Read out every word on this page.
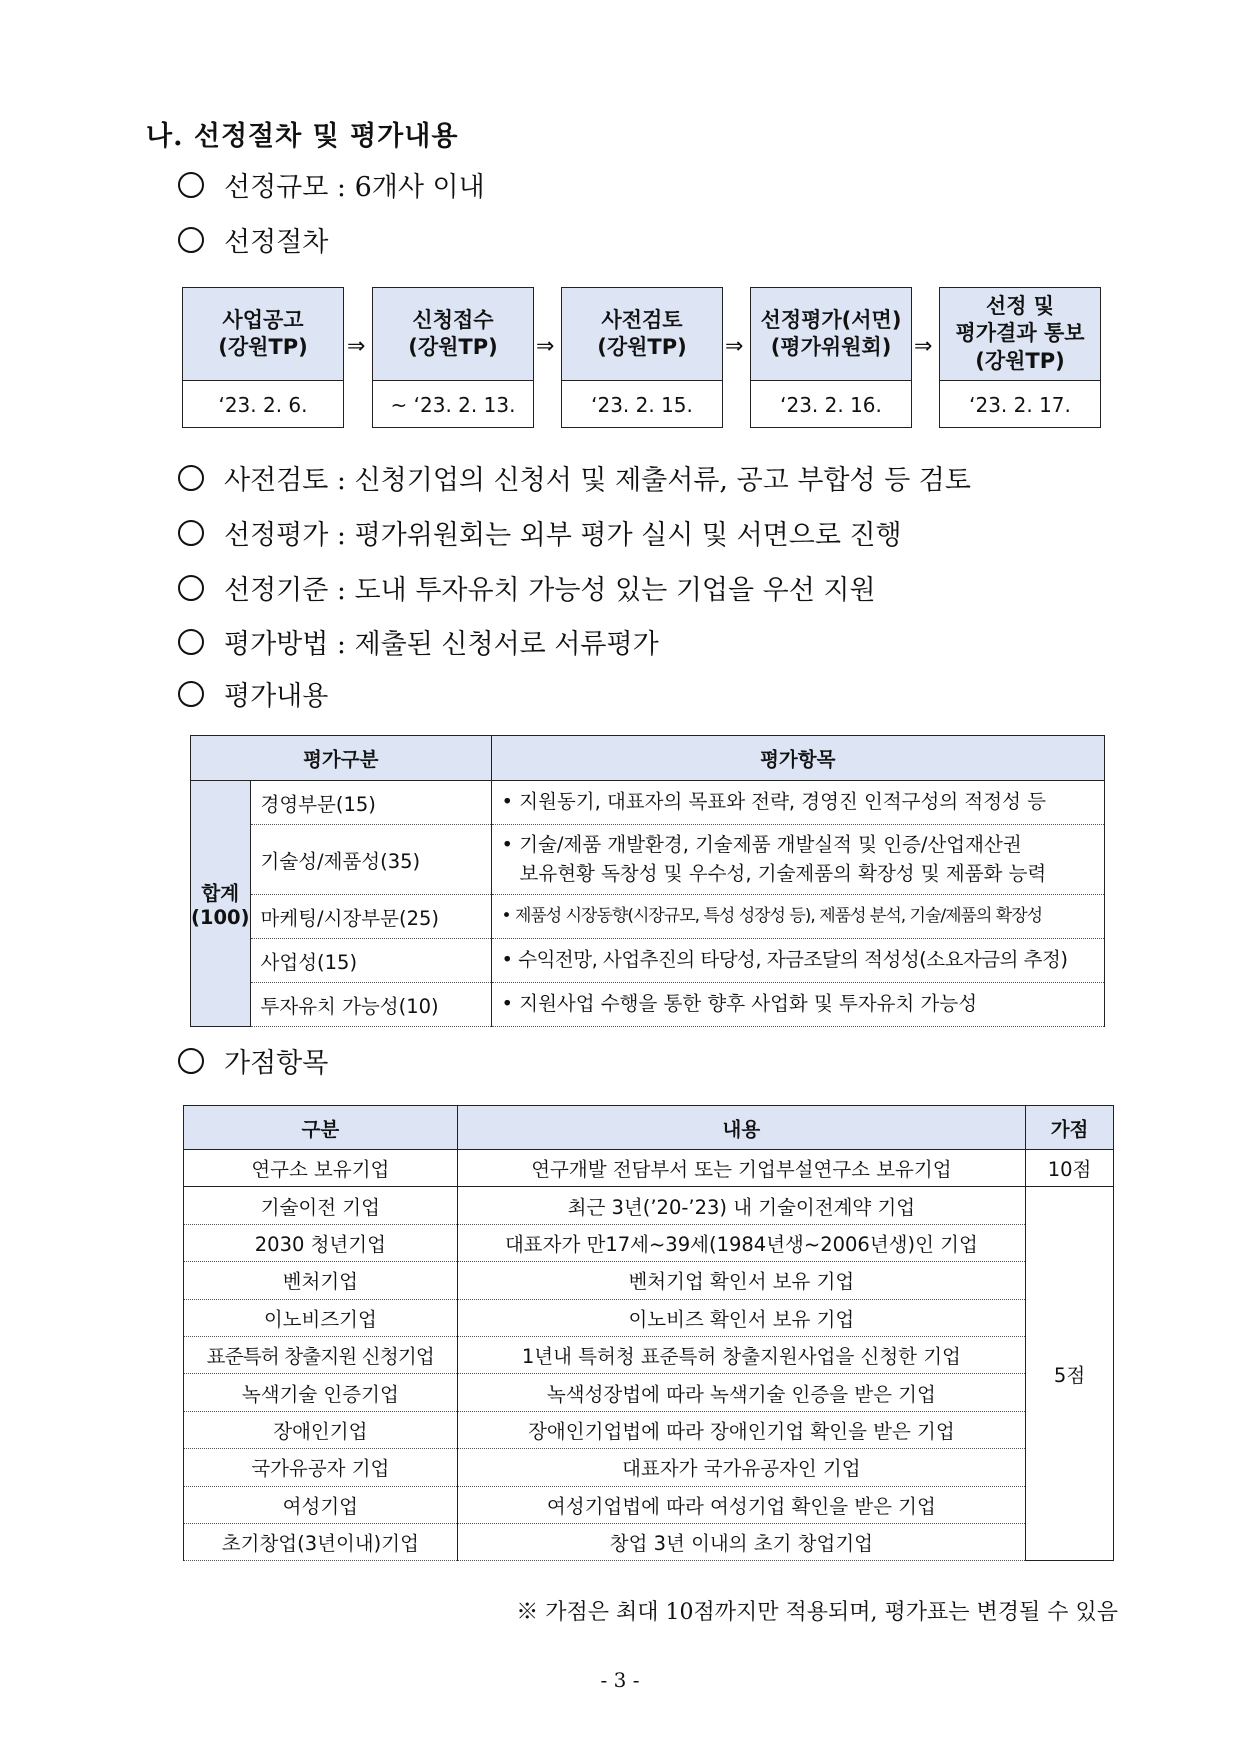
나. 선정절차 및 평가내용
선정규모 : 6개사 이내
선정절차
사업공고
(강원TP)
‘23. 2. 6.
⇒
신청접수
(강원TP)
~ ‘23. 2. 13.
⇒
사전검토
(강원TP)
‘23. 2. 15.
⇒
선정평가(서면)
(평가위원회)
‘23. 2. 16.
⇒
선정 및
평가결과 통보
(강원TP)
‘23. 2. 17.
사전검토 : 신청기업의 신청서 및 제출서류, 공고 부합성 등 검토
선정평가 : 평가위원회는 외부 평가 실시 및 서면으로 진행
선정기준 : 도내 투자유치 가능성 있는 기업을 우선 지원
평가방법 : 제출된 신청서로 서류평가
평가내용
평가구분		평가항목

합계
(100)	경영부문(15)	• 지원동기, 대표자의 목표와 전략, 경영진 인적구성의 적정성 등
	기술성/제품성(35)	• 기술/제품 개발환경, 기술제품 개발실적 및 인증/산업재산권
보유현황 독창성 및 우수성, 기술제품의 확장성 및 제품화 능력

	마케팅/시장부문(25)	• 제품성 시장동향(시장규모, 특성 성장성 등), 제품성 분석, 기술/제품의 확장성
	사업성(15)	• 수익전망, 사업추진의 타당성, 자금조달의 적성성(소요자금의 추정)
	투자유치 가능성(10)	• 지원사업 수행을 통한 향후 사업화 및 투자유치 가능성
가점항목
구분	내용	가점
연구소 보유기업	연구개발 전담부서 또는 기업부설연구소 보유기업	10점
기술이전 기업	최근 3년(’20-’23) 내 기술이전계약 기업	5점
2030 청년기업	대표자가 만17세~39세(1984년생~2006년생)인 기업	
벤처기업	벤처기업 확인서 보유 기업	
이노비즈기업	이노비즈 확인서 보유 기업	
표준특허 창출지원 신청기업	1년내 특허청 표준특허 창출지원사업을 신청한 기업	
녹색기술 인증기업	녹색성장법에 따라 녹색기술 인증을 받은 기업	
장애인기업	장애인기업법에 따라 장애인기업 확인을 받은 기업	
국가유공자 기업	대표자가 국가유공자인 기업	
여성기업	여성기업법에 따라 여성기업 확인을 받은 기업	
초기창업(3년이내)기업	창업 3년 이내의 초기 창업기업	
※ 가점은 최대 10점까지만 적용되며, 평가표는 변경될 수 있음
- 3 -
